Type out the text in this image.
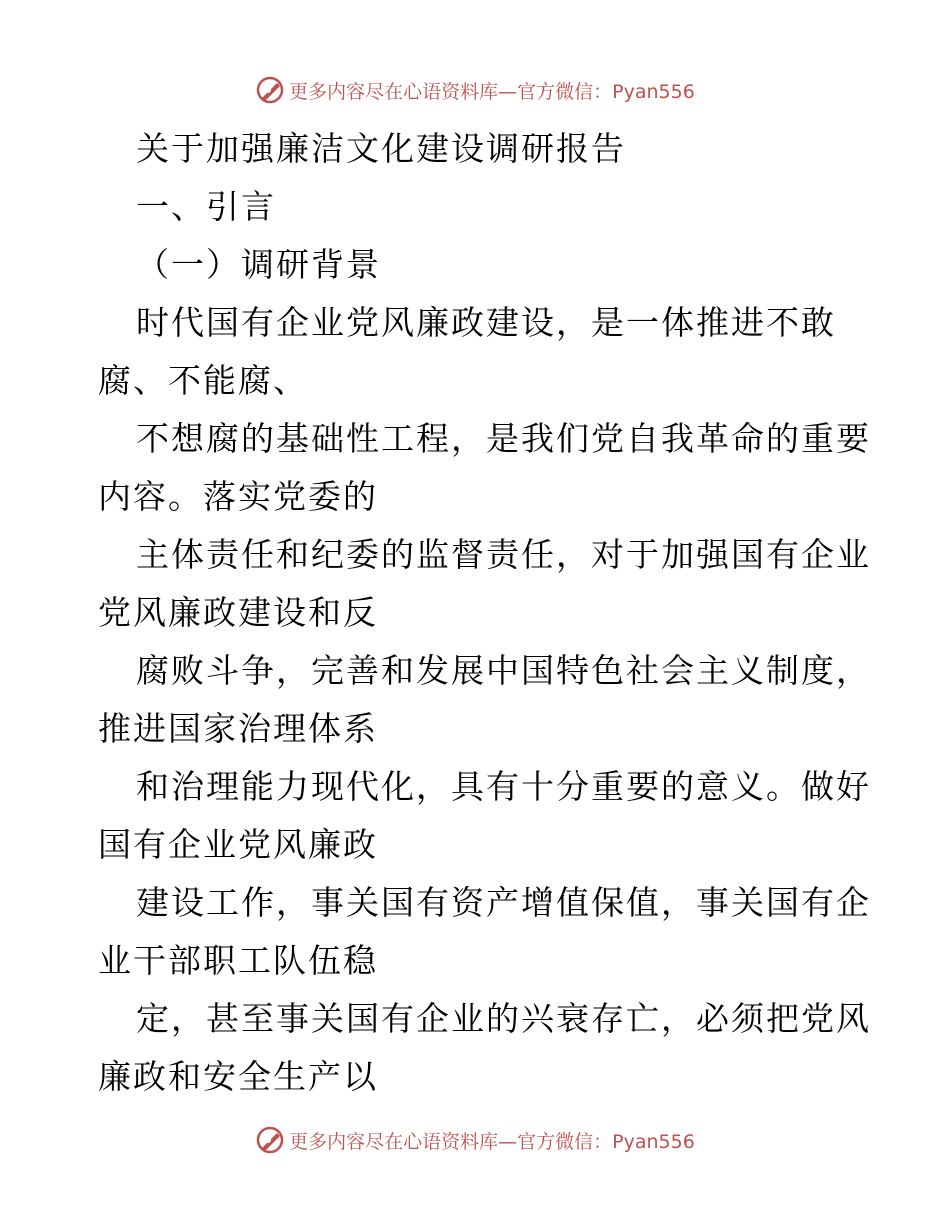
更多内容尽在心语资料库—官方微信：Pyan556
关于加强廉洁文化建设调研报告
一、引言
（一）调研背景
时代国有企业党风廉政建设，是一体推进不敢
腐、不能腐、
不想腐的基础性工程，是我们党自我革命的重要
内容。落实党委的
主体责任和纪委的监督责任，对于加强国有企业
党风廉政建设和反
腐败斗争，完善和发展中国特色社会主义制度，
推进国家治理体系
和治理能力现代化，具有十分重要的意义。做好
国有企业党风廉政
建设工作，事关国有资产增值保值，事关国有企
业干部职工队伍稳
定，甚至事关国有企业的兴衰存亡，必须把党风
廉政和安全生产以
更多内容尽在心语资料库—官方微信：Pyan556
